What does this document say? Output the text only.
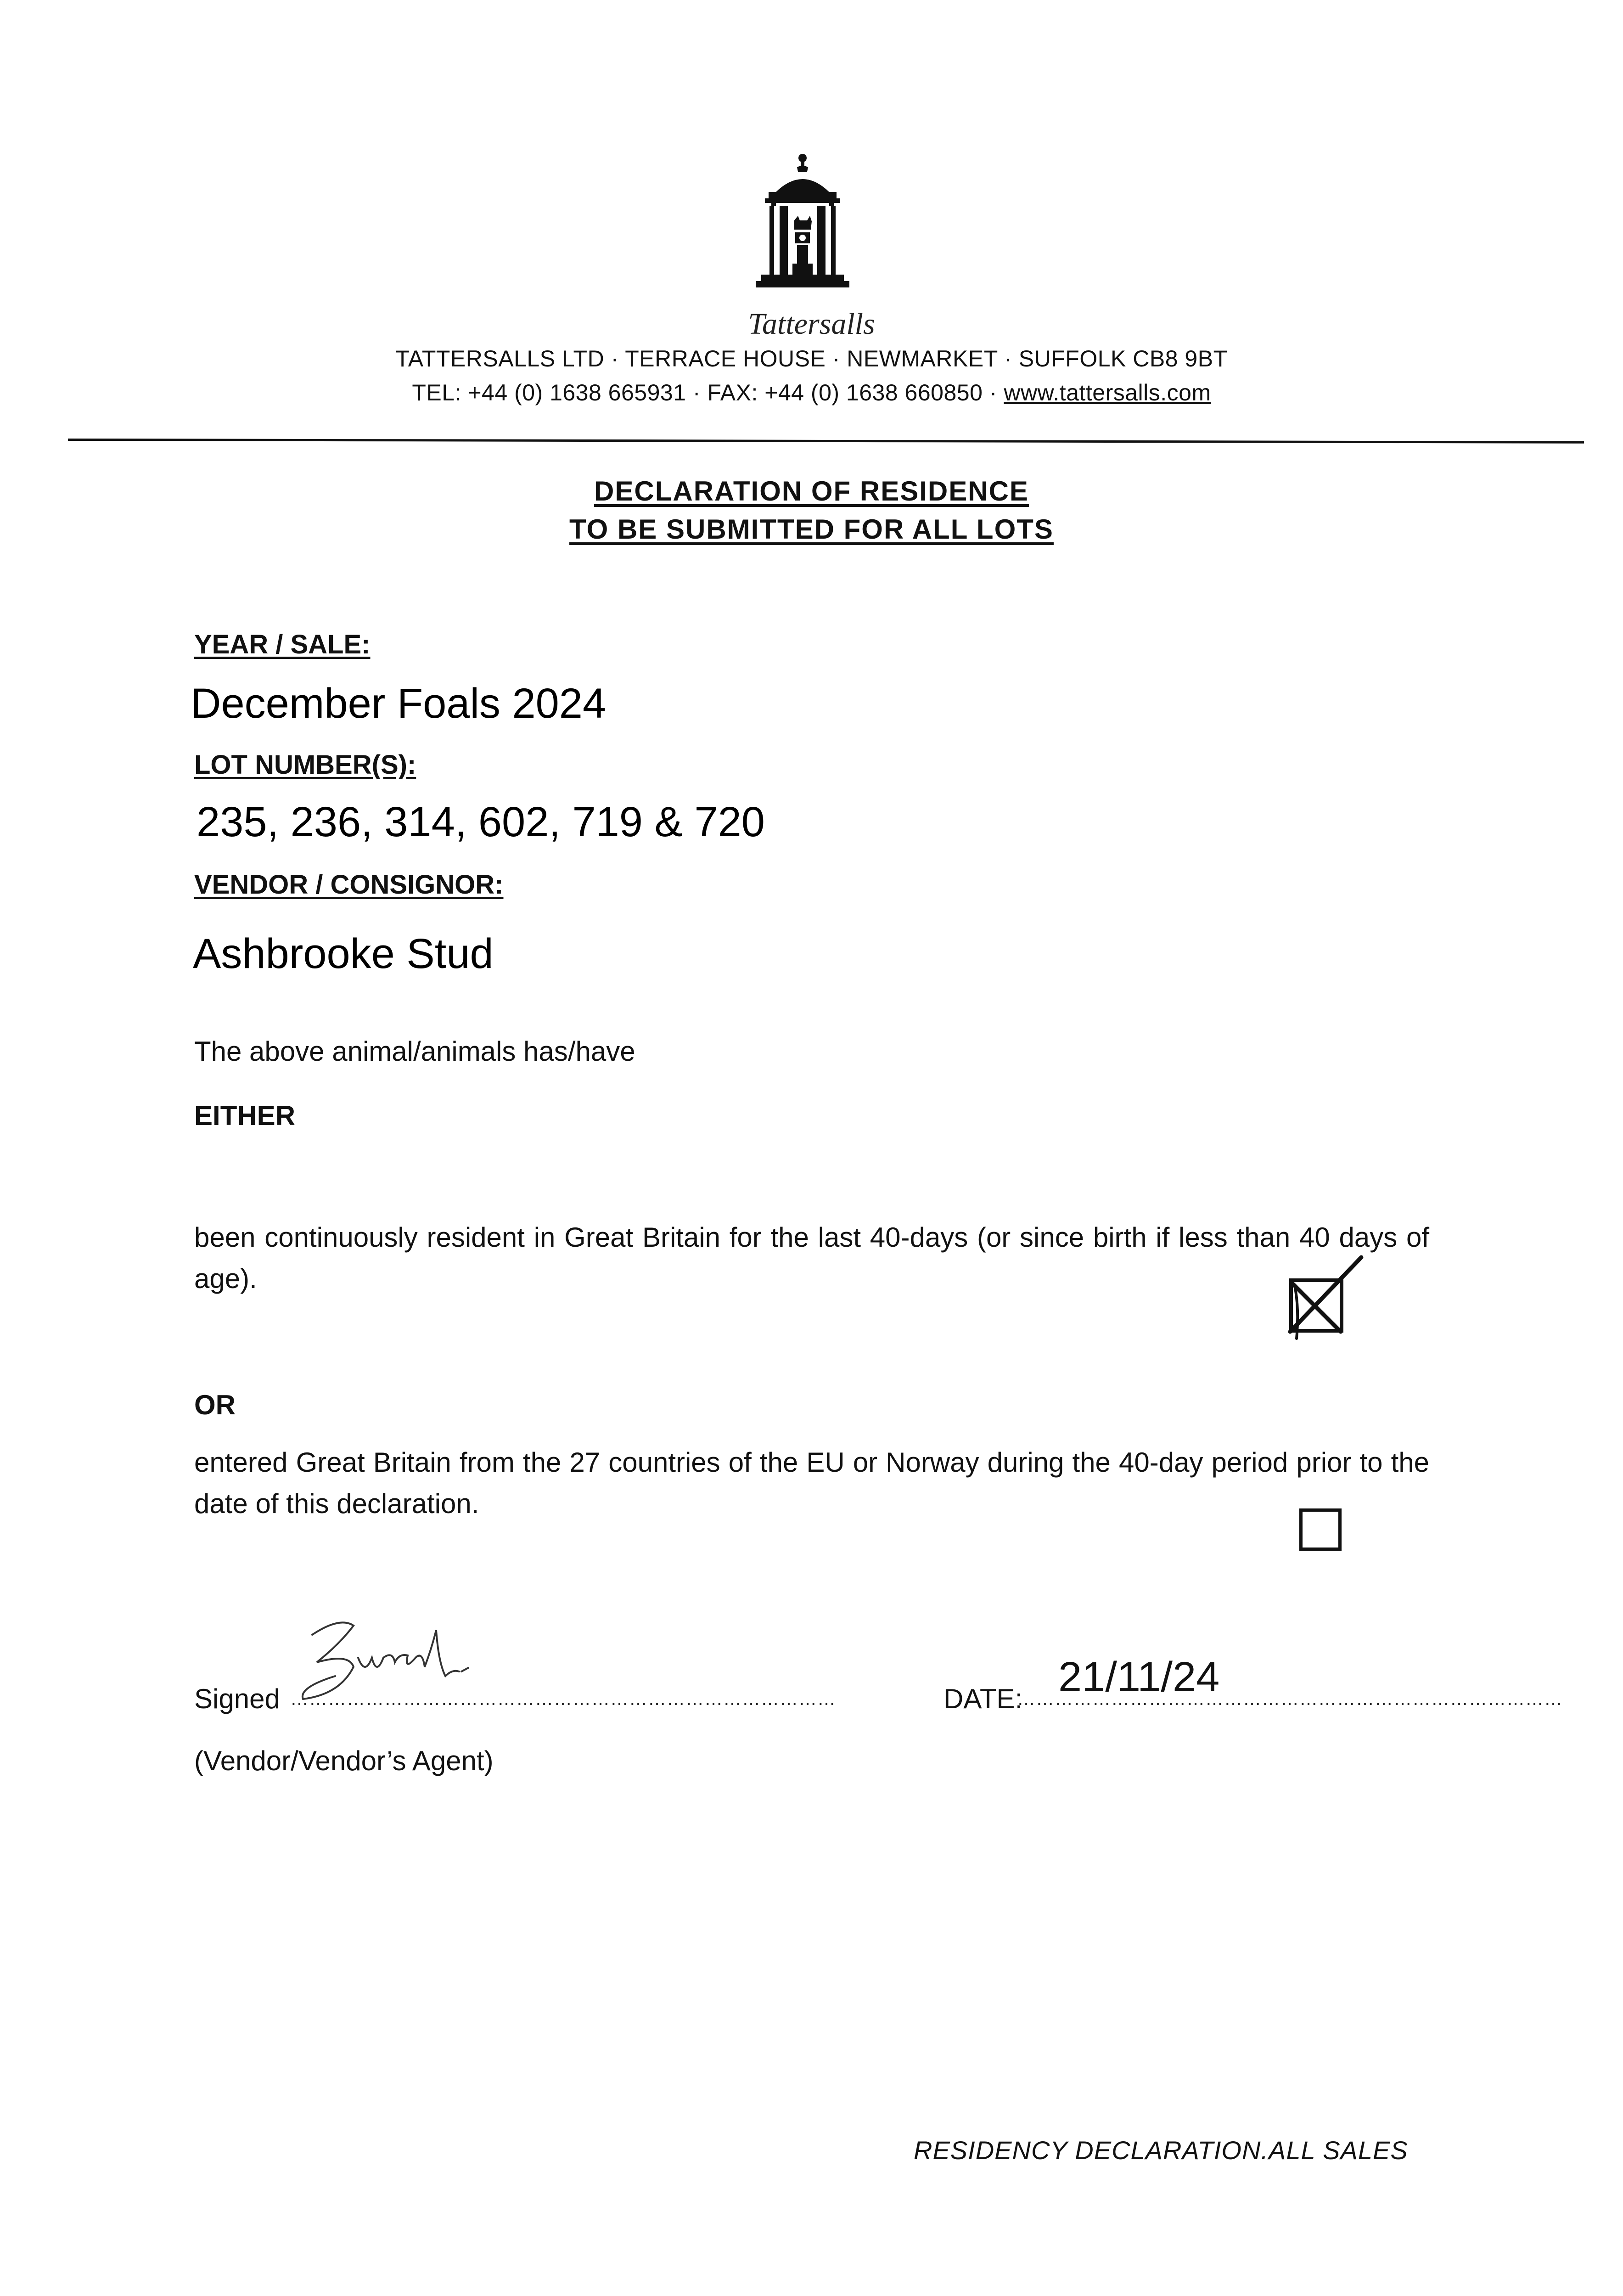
Tattersalls
TATTERSALLS LTD · TERRACE HOUSE · NEWMARKET · SUFFOLK CB8 9BT
TEL: +44 (0) 1638 665931 · FAX: +44 (0) 1638 660850 · www.tattersalls.com
DECLARATION OF RESIDENCE
TO BE SUBMITTED FOR ALL LOTS
YEAR / SALE:
December Foals 2024
LOT NUMBER(S):
235, 236, 314, 602, 719 & 720
VENDOR / CONSIGNOR:
Ashbrooke Stud
The above animal/animals has/have
EITHER
been continuously resident in Great Britain for the last 40-days (or since birth if less than 40 days of age).
OR
entered Great Britain from the 27 countries of the EU or Norway during the 40-day period prior to the date of this declaration.
Signed ……………………………………………………………………………	DATE:
……………………………………………………………………………
21/11/24
(Vendor/Vendor’s Agent)
RESIDENCY DECLARATION.ALL SALES
